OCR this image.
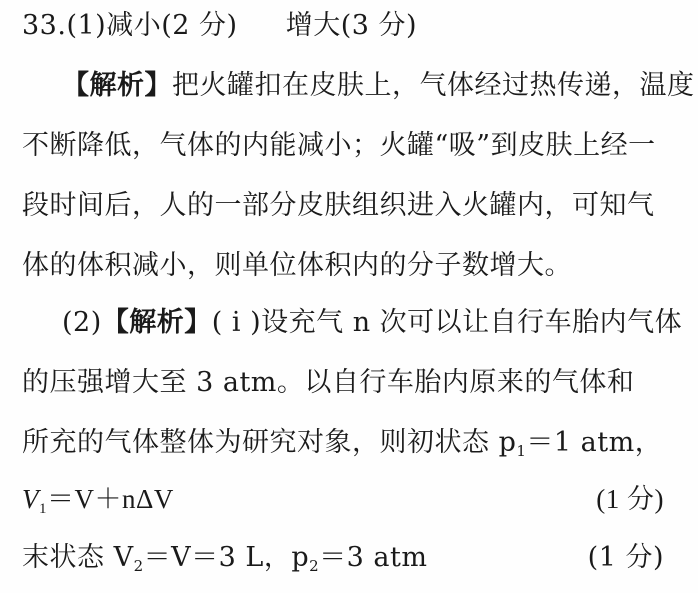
33.(1)减小(2 分) 增大(3 分)
【解析】把火罐扣在皮肤上，气体经过热传递，温度
不断降低，气体的内能减小；火罐“吸”到皮肤上经一
段时间后，人的一部分皮肤组织进入火罐内，可知气
体的体积减小，则单位体积内的分子数增大。
(2)【解析】( ⅰ )设充气 n 次可以让自行车胎内气体
的压强增大至 3 atm。以自行车胎内原来的气体和
所充的气体整体为研究对象，则初状态 $p_1=1$ atm，
$V_1=V+n\Delta V$	(1 分)
末状态 $V_2=V=3$ L，$p_2=3$ atm	(1 分)
